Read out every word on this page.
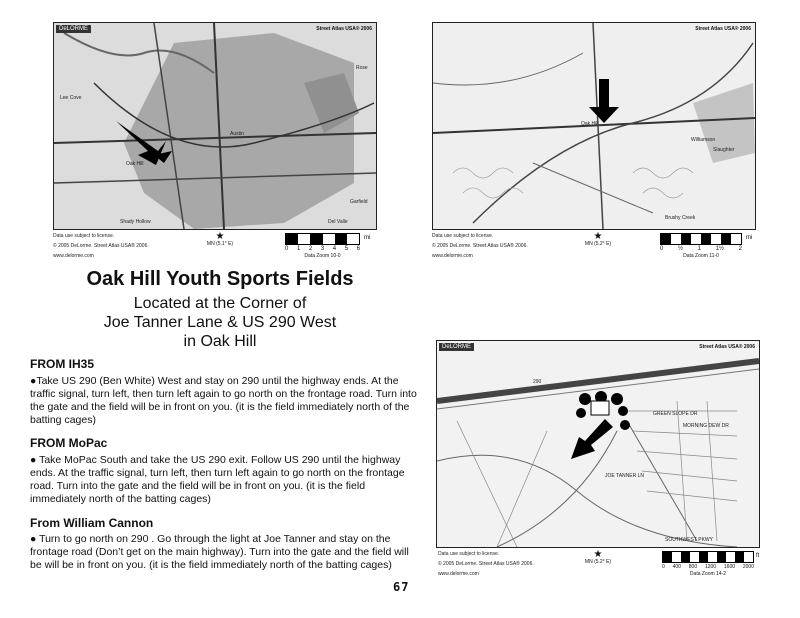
DeLORME	Street Atlas USA® 2006
Rose
Austin
Lee Cove
Oak Hill
Del Valle
Garfield
Shady Hollow
Data use subject to license.
© 2005 DeLorme. Street Atlas USA® 2006.
www.delorme.com
★
MN (5.1° E)
0 1 2 3 4 5 6
Data Zoom 10-0
mi
Street Atlas USA® 2006
Oak Hill
Williamson
Slaughter
Brushy Creek
Data use subject to license.
© 2005 DeLorme. Street Atlas USA® 2006.
www.delorme.com
★
MN (5.2° E)
0 ½ 1 1½ 2
Data Zoom 11-0
mi
DeLORME	Street Atlas USA® 2006
290
MORNING DEW DR
GREEN SLOPE DR
JOE TANNER LN
SOUTHWEST PKWY
Data use subject to license.
© 2005 DeLorme. Street Atlas USA® 2006.
www.delorme.com
★
MN (5.2° E)
0 400 800 1200 1600 2000
Data Zoom 14-2
ft
Oak Hill Youth Sports Fields
Located at the Corner of
Joe Tanner Lane & US 290 West
in Oak Hill
FROM IH35
●Take US 290 (Ben White) West and stay on 290 until the highway ends. At the traffic signal, turn left, then turn left again to go north on the frontage road. Turn into the gate and the field will be in front on you. (it is the field immediately north of the batting cages)
FROM MoPac
● Take MoPac South and take the US 290 exit. Follow US 290 until the highway ends. At the traffic signal, turn left, then turn left again to go north on the frontage road. Turn into the gate and the field will be in front on you. (it is the field immediately north of the batting cages)
From William Cannon
● Turn to go north on 290 . Go through the light at Joe Tanner and stay on the frontage road (Don’t get on the main highway). Turn into the gate and the field will be will be in front on you. (it is the field immediately north of the batting cages)
67
